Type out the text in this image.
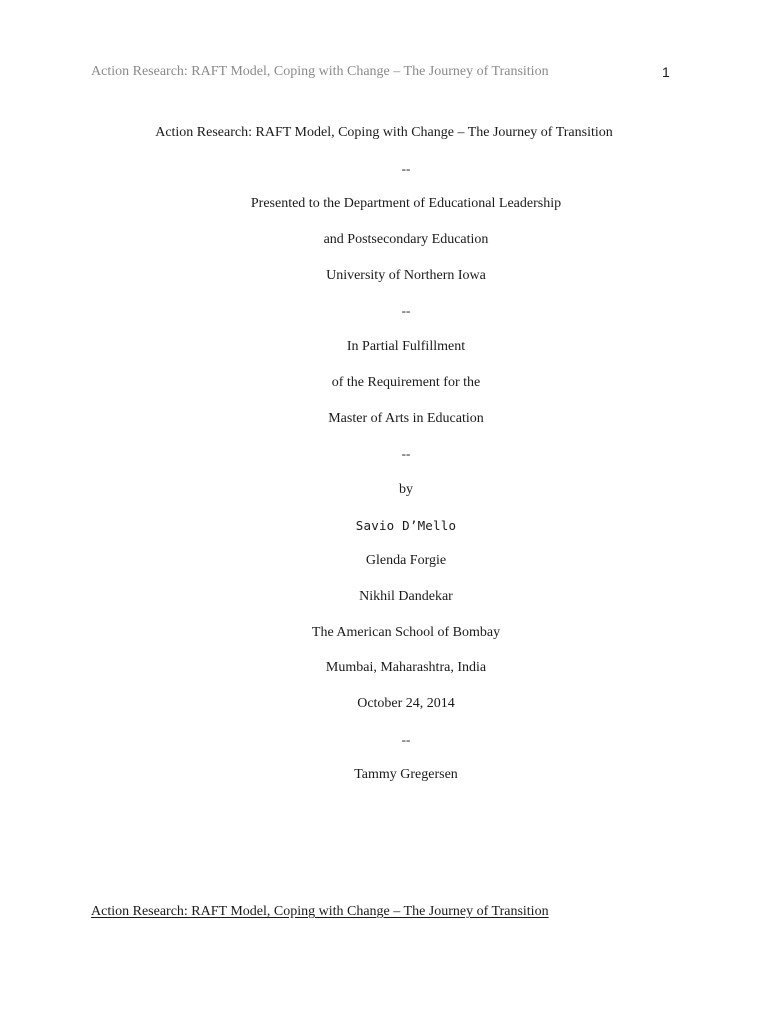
Action Research: RAFT Model, Coping with Change – The Journey of Transition	1
Action Research: RAFT Model, Coping with Change – The Journey of Transition
--
Presented to the Department of Educational Leadership
and Postsecondary Education
University of Northern Iowa
--
In Partial Fulfillment
of the Requirement for the
Master of Arts in Education
--
by
Savio D’Mello
Glenda Forgie
Nikhil Dandekar
The American School of Bombay
Mumbai, Maharashtra, India
October 24, 2014
--
Tammy Gregersen
Action Research: RAFT Model, Coping with Change – The Journey of Transition
